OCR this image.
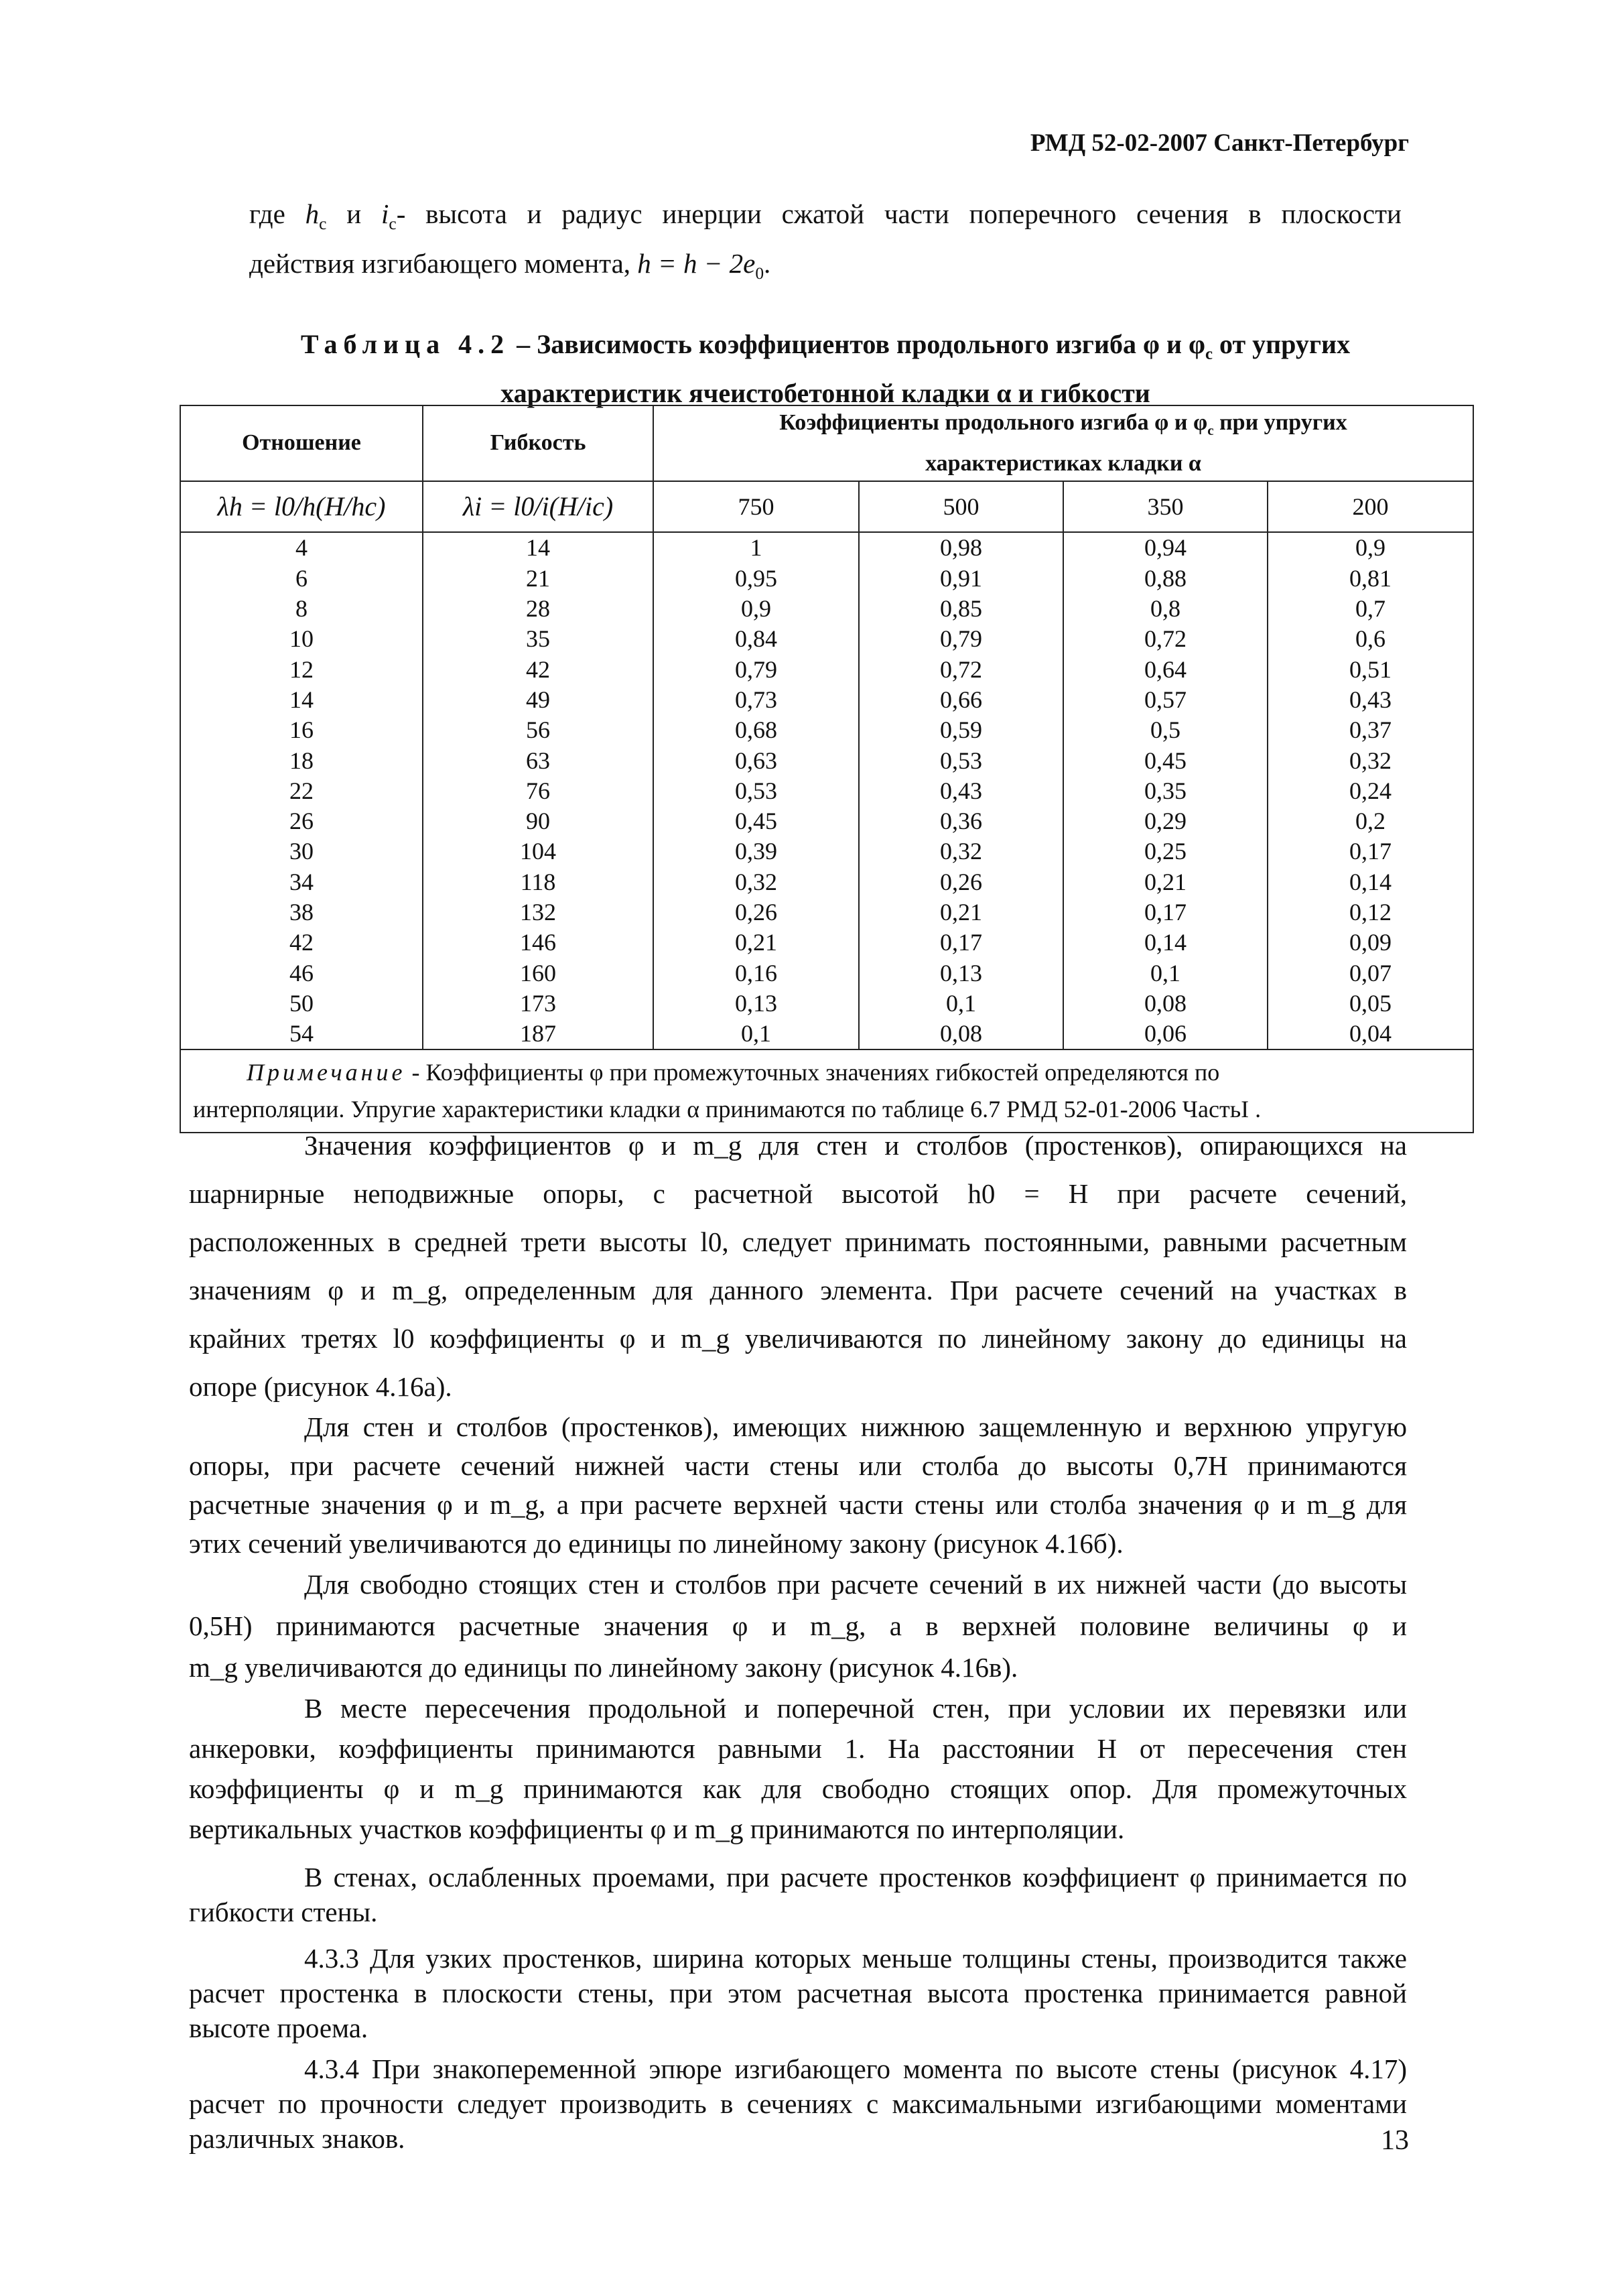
РМД 52-02-2007 Санкт-Петербург
где $h_c$ и $i_c-$ высота и радиус инерции сжатой части поперечного сечения в плоскости
действия изгибающего момента, $h = h - 2e_0$.
Таблица 4.2 – Зависимость коэффициентов продольного изгиба φ и $\varphi_c$ от упругих
характеристик ячеистобетонной кладки α и гибкости
Отношение	Гибкость	Коэффициенты продольного изгиба φ и $\varphi_c$ при упругих
характеристиках кладки α			

λh = l0/h(H/hc)	λi = l0/i(H/ic)	750	500	350	200
4	14	1	0,98	0,94	0,9
6	21	0,95	0,91	0,88	0,81
8	28	0,9	0,85	0,8	0,7
10	35	0,84	0,79	0,72	0,6
12	42	0,79	0,72	0,64	0,51
14	49	0,73	0,66	0,57	0,43
16	56	0,68	0,59	0,5	0,37
18	63	0,63	0,53	0,45	0,32
22	76	0,53	0,43	0,35	0,24
26	90	0,45	0,36	0,29	0,2
30	104	0,39	0,32	0,25	0,17
34	118	0,32	0,26	0,21	0,14
38	132	0,26	0,21	0,17	0,12
42	146	0,21	0,17	0,14	0,09
46	160	0,16	0,13	0,1	0,07
50	173	0,13	0,1	0,08	0,05
54	187	0,1	0,08	0,06	0,04

Примечание - Коэффициенты φ при промежуточных значениях гибкостей определяются по
интерполяции. Упругие характеристики кладки α принимаются по таблице 6.7 РМД 52-01-2006 ЧастьI .					
Значения коэффициентов φ и m_g для стен и столбов (простенков), опирающихся на
шарнирные неподвижные опоры, с расчетной высотой h0 = H при расчете сечений,
расположенных в средней трети высоты l0, следует принимать постоянными, равными расчетным
значениям φ и m_g, определенным для данного элемента. При расчете сечений на участках в
крайних третях l0 коэффициенты φ и m_g увеличиваются по линейному закону до единицы на
опоре (рисунок 4.16а).
Для стен и столбов (простенков), имеющих нижнюю защемленную и верхнюю упругую
опоры, при расчете сечений нижней части стены или столба до высоты 0,7H принимаются
расчетные значения φ и m_g, а при расчете верхней части стены или столба значения φ и m_g для
этих сечений увеличиваются до единицы по линейному закону (рисунок 4.16б).
Для свободно стоящих стен и столбов при расчете сечений в их нижней части (до высоты
0,5H) принимаются расчетные значения φ и m_g, а в верхней половине величины φ и
m_g увеличиваются до единицы по линейному закону (рисунок 4.16в).
В месте пересечения продольной и поперечной стен, при условии их перевязки или
анкеровки, коэффициенты принимаются равными 1. На расстоянии H от пересечения стен
коэффициенты φ и m_g принимаются как для свободно стоящих опор. Для промежуточных
вертикальных участков коэффициенты φ и m_g принимаются по интерполяции.
В стенах, ослабленных проемами, при расчете простенков коэффициент φ принимается по
гибкости стены.
4.3.3 Для узких простенков, ширина которых меньше толщины стены, производится также
расчет простенка в плоскости стены, при этом расчетная высота простенка принимается равной
высоте проема.
4.3.4 При знакопеременной эпюре изгибающего момента по высоте стены (рисунок 4.17)
расчет по прочности следует производить в сечениях с максимальными изгибающими моментами
различных знаков.	13
